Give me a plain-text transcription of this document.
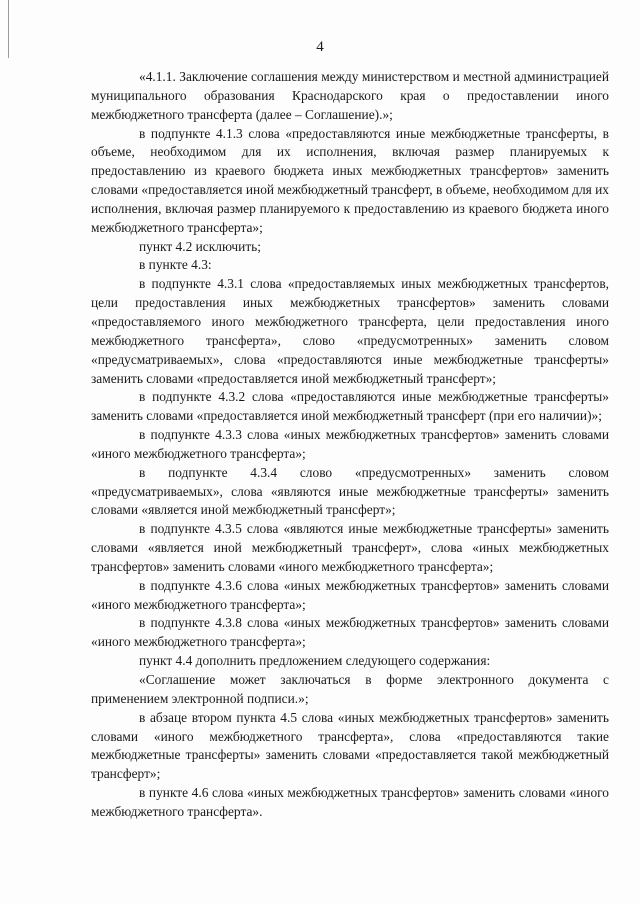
4

«4.1.1. Заключение соглашения между министерством и местной администрацией муниципального образования Краснодарского края о предоставлении иного межбюджетного трансферта (далее – Соглашение).»;

в подпункте 4.1.3 слова «предоставляются иные межбюджетные трансферты, в объеме, необходимом для их исполнения, включая размер планируемых к предоставлению из краевого бюджета иных межбюджетных трансфертов» заменить словами «предоставляется иной межбюджетный трансферт, в объеме, необходимом для их исполнения, включая размер планируемого к предоставлению из краевого бюджета иного межбюджетного трансферта»;

пункт 4.2 исключить;

в пункте 4.3:

в подпункте 4.3.1 слова «предоставляемых иных межбюджетных трансфертов, цели предоставления иных межбюджетных трансфертов» заменить словами «предоставляемого иного межбюджетного трансферта, цели предоставления иного межбюджетного трансферта», слово «предусмотренных» заменить словом «предусматриваемых», слова «предоставляются иные межбюджетные трансферты» заменить словами «предоставляется иной межбюджетный трансферт»;

в подпункте 4.3.2 слова «предоставляются иные межбюджетные трансферты» заменить словами «предоставляется иной межбюджетный трансферт (при его наличии)»;

в подпункте 4.3.3 слова «иных межбюджетных трансфертов» заменить словами «иного межбюджетного трансферта»;

в подпункте 4.3.4 слово «предусмотренных» заменить словом «предусматриваемых», слова «являются иные межбюджетные трансферты» заменить словами «является иной межбюджетный трансферт»;

в подпункте 4.3.5 слова «являются иные межбюджетные трансферты» заменить словами «является иной межбюджетный трансферт», слова «иных межбюджетных трансфертов» заменить словами «иного межбюджетного трансферта»;

в подпункте 4.3.6 слова «иных межбюджетных трансфертов» заменить словами «иного межбюджетного трансферта»;

в подпункте 4.3.8 слова «иных межбюджетных трансфертов» заменить словами «иного межбюджетного трансферта»;

пункт 4.4 дополнить предложением следующего содержания:

«Соглашение может заключаться в форме электронного документа с применением электронной подписи.»;

в абзаце втором пункта 4.5 слова «иных межбюджетных трансфертов» заменить словами «иного межбюджетного трансферта», слова «предоставляются такие межбюджетные трансферты» заменить словами «предоставляется такой межбюджетный трансферт»;

в пункте 4.6 слова «иных межбюджетных трансфертов» заменить словами «иного межбюджетного трансферта».
